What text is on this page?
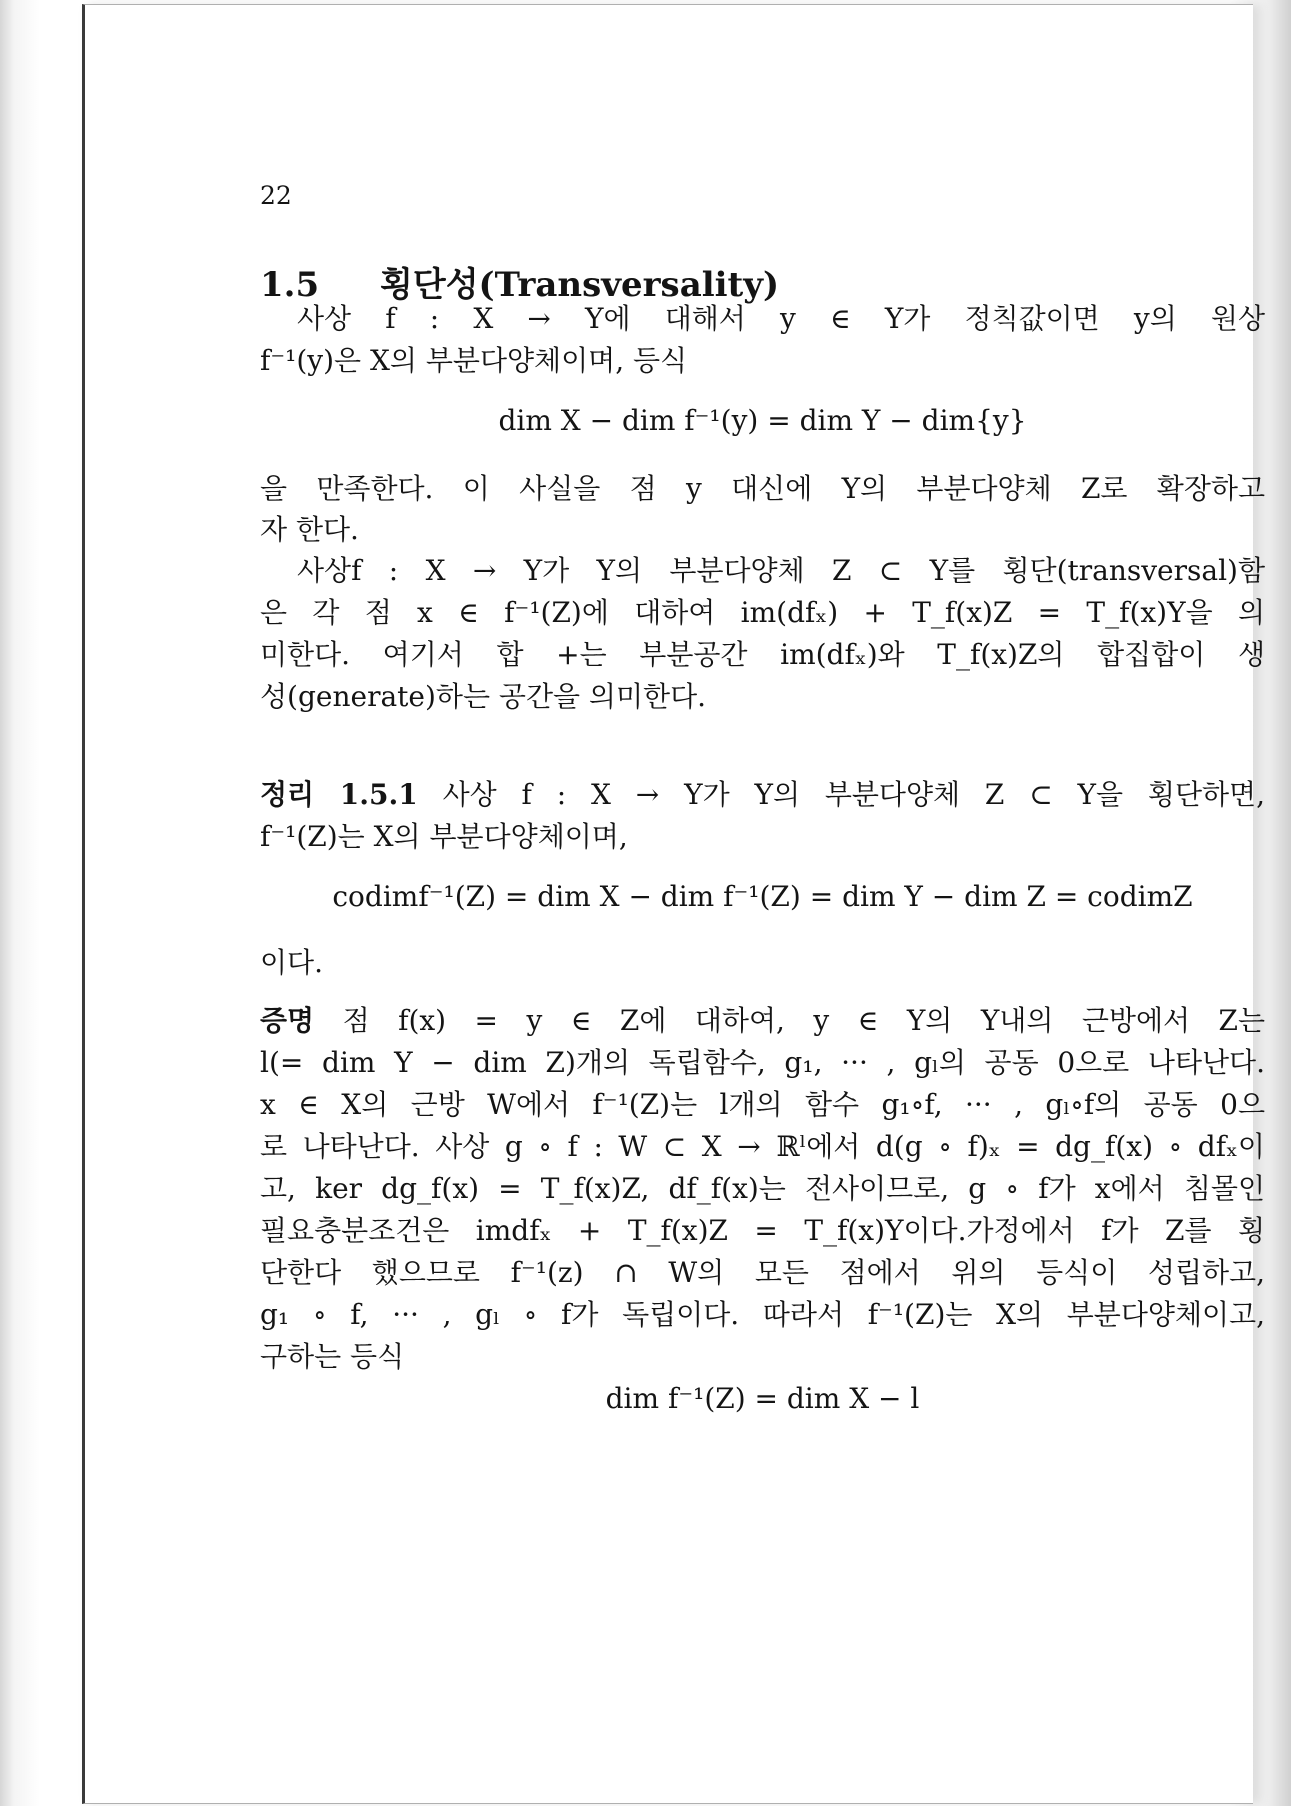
22
1.5 횡단성(Transversality)
사상 f : X → Y에 대해서 y ∈ Y가 정칙값이면 y의 원상
f⁻¹(y)은 X의 부분다양체이며, 등식
dim X − dim f⁻¹(y) = dim Y − dim{y}
을 만족한다. 이 사실을 점 y 대신에 Y의 부분다양체 Z로 확장하고
자 한다.
사상f : X → Y가 Y의 부분다양체 Z ⊂ Y를 횡단(transversal)함
은 각 점 x ∈ f⁻¹(Z)에 대하여 im(dfₓ) + T_f(x)Z = T_f(x)Y을 의
미한다. 여기서 합 +는 부분공간 im(dfₓ)와 T_f(x)Z의 합집합이 생
성(generate)하는 공간을 의미한다.
정리 1.5.1 사상 f : X → Y가 Y의 부분다양체 Z ⊂ Y을 횡단하면,
f⁻¹(Z)는 X의 부분다양체이며,
codimf⁻¹(Z) = dim X − dim f⁻¹(Z) = dim Y − dim Z = codimZ
이다.
증명 점 f(x) = y ∈ Z에 대하여, y ∈ Y의 Y내의 근방에서 Z는
l(= dim Y − dim Z)개의 독립함수, g₁, ··· , gₗ의 공동 0으로 나타난다.
x ∈ X의 근방 W에서 f⁻¹(Z)는 l개의 함수 g₁∘f, ··· , gₗ∘f의 공동 0으
로 나타난다. 사상 g ∘ f : W ⊂ X → ℝˡ에서 d(g ∘ f)ₓ = dg_f(x) ∘ dfₓ이
고, ker dg_f(x) = T_f(x)Z, df_f(x)는 전사이므로, g ∘ f가 x에서 침몰인
필요충분조건은 imdfₓ + T_f(x)Z = T_f(x)Y이다.가정에서 f가 Z를 횡
단한다 했으므로 f⁻¹(z) ∩ W의 모든 점에서 위의 등식이 성립하고,
g₁ ∘ f, ··· , gₗ ∘ f가 독립이다. 따라서 f⁻¹(Z)는 X의 부분다양체이고,
구하는 등식
dim f⁻¹(Z) = dim X − l
